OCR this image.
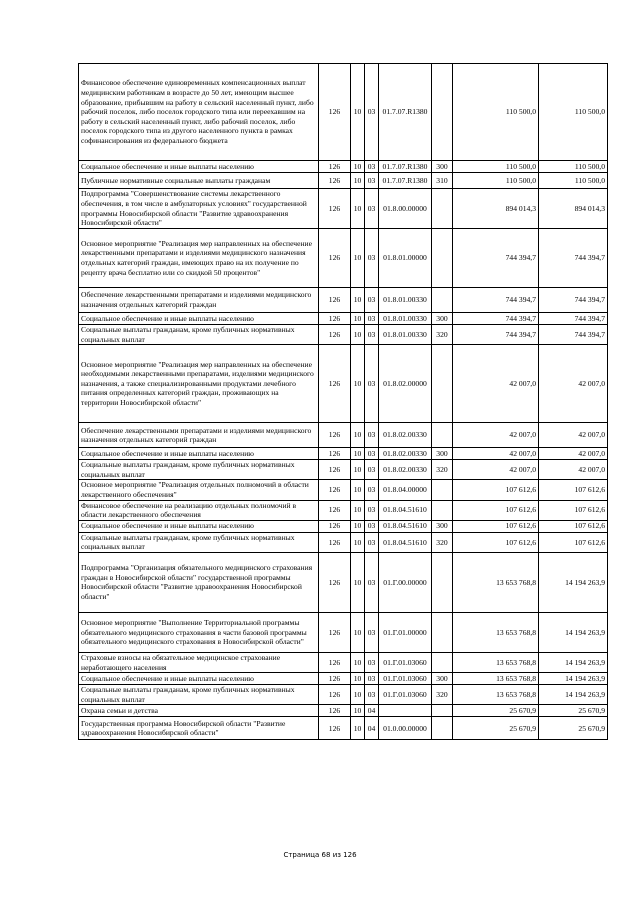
Финансовое обеспечение единовременных компенсационных выплат медицинским работникам в возрасте до 50 лет, имеющим высшее образование, прибывшим на работу в сельский населенный пункт, либо рабочий поселок, либо поселок городского типа или переехавшим на работу в сельский населенный пункт, либо рабочий поселок, либо поселок городского типа из другого населенного пункта в рамках софинансирования из федерального бюджета	126	10	03	01.7.07.R1380		110 500,0	110 500,0
Социальное обеспечение и иные выплаты населению	126	10	03	01.7.07.R1380	300	110 500,0	110 500,0
Публичные нормативные социальные выплаты гражданам	126	10	03	01.7.07.R1380	310	110 500,0	110 500,0
Подпрограмма "Совершенствование системы лекарственного обеспечения, в том числе в амбулаторных условиях" государственной программы Новосибирской области "Развитие здравоохранения Новосибирской области"	126	10	03	01.8.00.00000		894 014,3	894 014,3
Основное мероприятие "Реализация мер направленных на обеспечение лекарственными препаратами и изделиями медицинского назначения отдельных категорий граждан, имеющих право на их получение по рецепту врача бесплатно или со скидкой 50 процентов"	126	10	03	01.8.01.00000		744 394,7	744 394,7
Обеспечение лекарственными препаратами и изделиями медицинского назначения отдельных категорий граждан	126	10	03	01.8.01.00330		744 394,7	744 394,7
Социальное обеспечение и иные выплаты населению	126	10	03	01.8.01.00330	300	744 394,7	744 394,7
Социальные выплаты гражданам, кроме публичных нормативных социальных выплат	126	10	03	01.8.01.00330	320	744 394,7	744 394,7
Основное мероприятие "Реализация мер направленных на обеспечение необходимыми лекарственными препаратами, изделиями медицинского назначения, а также специализированными продуктами лечебного питания определенных категорий граждан, проживающих на территории Новосибирской области"	126	10	03	01.8.02.00000		42 007,0	42 007,0
Обеспечение лекарственными препаратами и изделиями медицинского назначения отдельных категорий граждан	126	10	03	01.8.02.00330		42 007,0	42 007,0
Социальное обеспечение и иные выплаты населению	126	10	03	01.8.02.00330	300	42 007,0	42 007,0
Социальные выплаты гражданам, кроме публичных нормативных социальных выплат	126	10	03	01.8.02.00330	320	42 007,0	42 007,0
Основное мероприятие "Реализация отдельных полномочий в области лекарственного обеспечения"	126	10	03	01.8.04.00000		107 612,6	107 612,6
Финансовое обеспечение на реализацию отдельных полномочий в области лекарственного обеспечения	126	10	03	01.8.04.51610		107 612,6	107 612,6
Социальное обеспечение и иные выплаты населению	126	10	03	01.8.04.51610	300	107 612,6	107 612,6
Социальные выплаты гражданам, кроме публичных нормативных социальных выплат	126	10	03	01.8.04.51610	320	107 612,6	107 612,6
Подпрограмма "Организация обязательного медицинского страхования граждан в Новосибирской области" государственной программы Новосибирской области "Развитие здравоохранения Новосибирской области"	126	10	03	01.Г.00.00000		13 653 768,8	14 194 263,9
Основное мероприятие "Выполнение Территориальной программы обязательного медицинского страхования в части базовой программы обязательного медицинского страхования в Новосибирской области"	126	10	03	01.Г.01.00000		13 653 768,8	14 194 263,9
Страховые взносы на обязательное медицинское страхование неработающего населения	126	10	03	01.Г.01.03060		13 653 768,8	14 194 263,9
Социальное обеспечение и иные выплаты населению	126	10	03	01.Г.01.03060	300	13 653 768,8	14 194 263,9
Социальные выплаты гражданам, кроме публичных нормативных социальных выплат	126	10	03	01.Г.01.03060	320	13 653 768,8	14 194 263,9
Охрана семьи и детства	126	10	04			25 670,9	25 670,9
Государственная программа Новосибирской области "Развитие здравоохранения Новосибирской области"	126	10	04	01.0.00.00000		25 670,9	25 670,9
Страница 68 из 126
